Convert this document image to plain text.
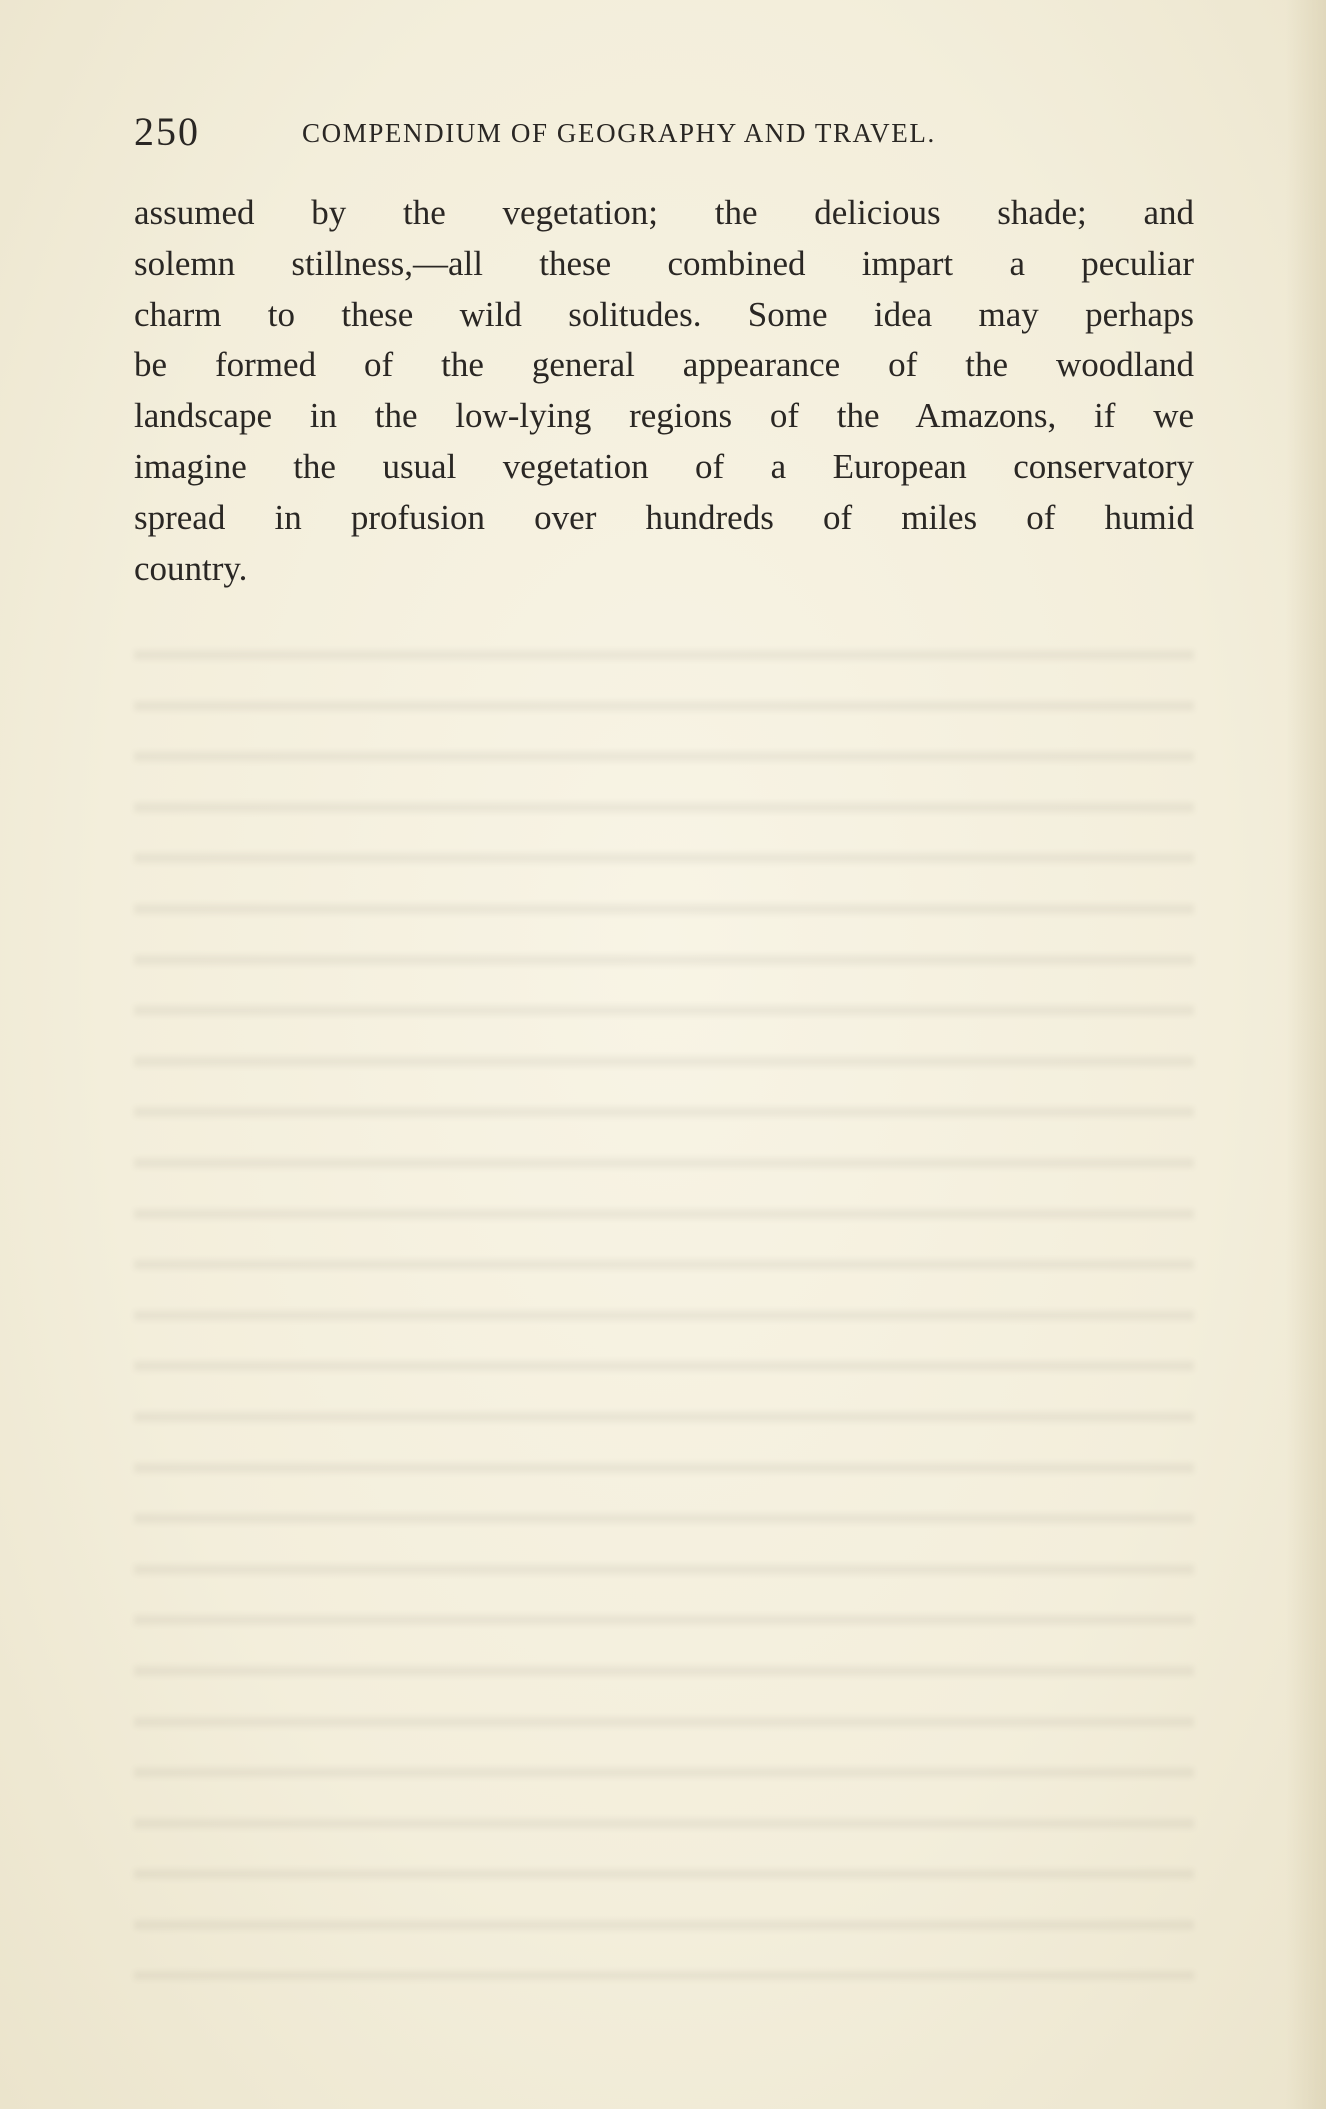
250	COMPENDIUM OF GEOGRAPHY AND TRAVEL.
assumed by the vegetation; the delicious shade; and
solemn stillness,—all these combined impart a peculiar
charm to these wild solitudes. Some idea may perhaps
be formed of the general appearance of the woodland
landscape in the low-lying regions of the Amazons, if we
imagine the usual vegetation of a European conservatory
spread in profusion over hundreds of miles of humid
country.
